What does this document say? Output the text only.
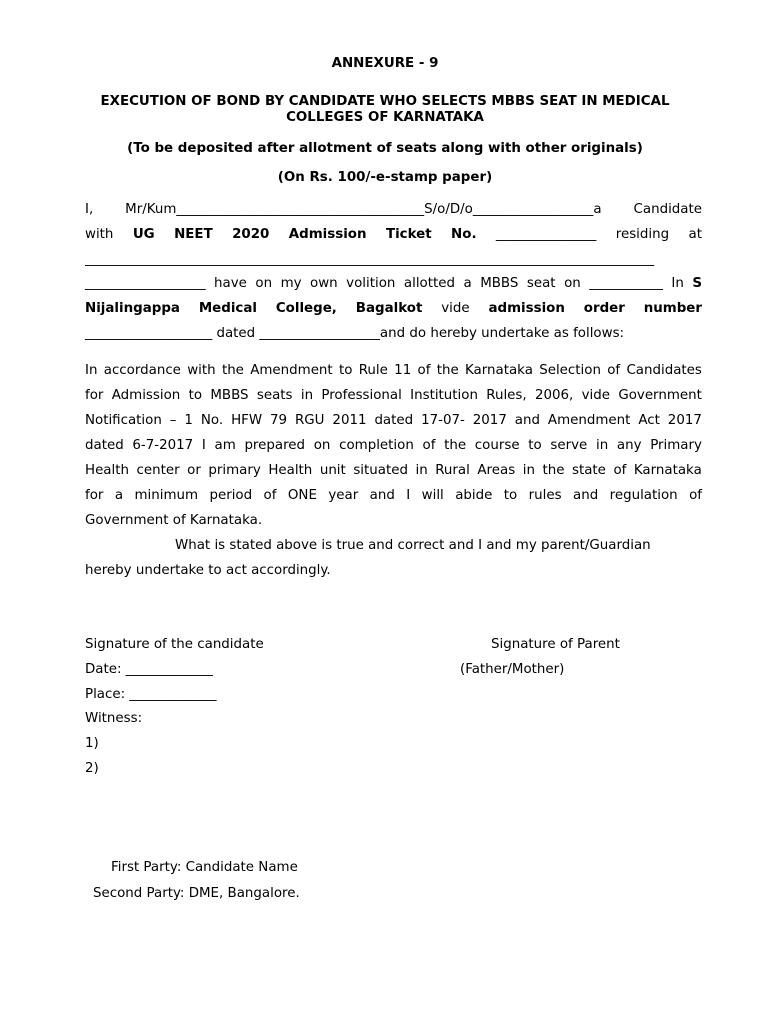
ANNEXURE - 9
EXECUTION OF BOND BY CANDIDATE WHO SELECTS MBBS SEAT IN MEDICAL
COLLEGES OF KARNATAKA
(To be deposited after allotment of seats along with other originals)
(On Rs. 100/-e-stamp paper)
I, Mr/Kum_____________________________________S/o/D/o__________________a Candidate
with UG NEET 2020 Admission Ticket No. _______________ residing at
_____________________________________________________________________________________
__________________ have on my own volition allotted a MBBS seat on ___________ In S
Nijalingappa Medical College, Bagalkot vide admission order number
___________________ dated __________________and do hereby undertake as follows:
In accordance with the Amendment to Rule 11 of the Karnataka Selection of Candidates
for Admission to MBBS seats in Professional Institution Rules, 2006, vide Government
Notification – 1 No. HFW 79 RGU 2011 dated 17-07- 2017 and Amendment Act 2017
dated 6-7-2017 I am prepared on completion of the course to serve in any Primary
Health center or primary Health unit situated in Rural Areas in the state of Karnataka
for a minimum period of ONE year and I will abide to rules and regulation of
Government of Karnataka.
What is stated above is true and correct and I and my parent/Guardian
hereby undertake to act accordingly.
Signature of the candidate	Signature of Parent
Date: _____________	(Father/Mother)
Place: _____________
Witness:
1)
2)
First Party: Candidate Name
Second Party: DME, Bangalore.
